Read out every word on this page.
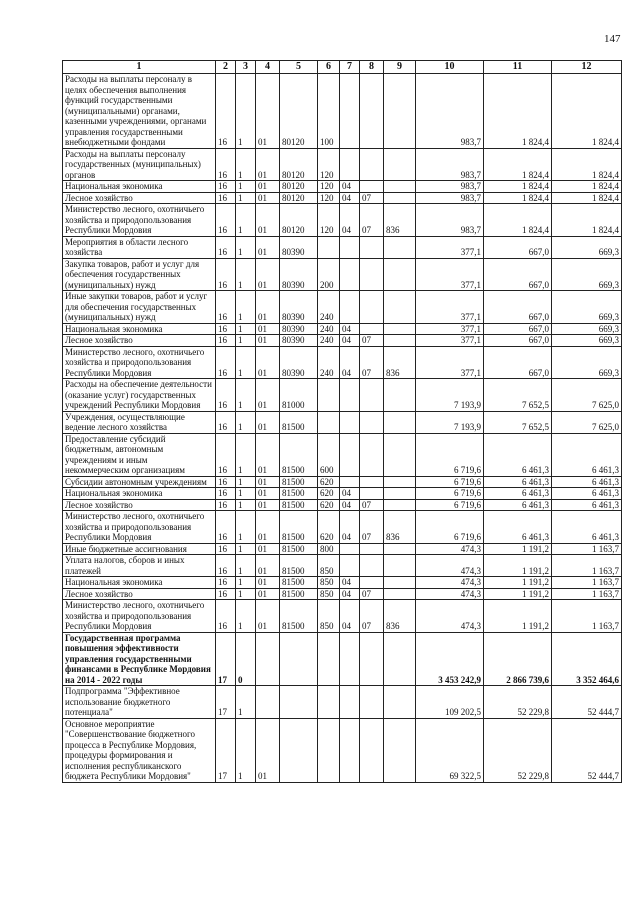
147
1	2	3	4	5	6	7	8	9	10	11	12
Расходы на выплаты персоналу в целях обеспечения выполнения функций государственными (муниципальными) органами, казенными учреждениями, органами управления государственными внебюджетными фондами	16	1	01	80120	100				983,7	1 824,4	1 824,4
Расходы на выплаты персоналу государственных (муниципальных) органов	16	1	01	80120	120				983,7	1 824,4	1 824,4
Национальная экономика	16	1	01	80120	120	04			983,7	1 824,4	1 824,4
Лесное хозяйство	16	1	01	80120	120	04	07		983,7	1 824,4	1 824,4
Министерство лесного, охотничьего хозяйства и природопользования Республики Мордовия	16	1	01	80120	120	04	07	836	983,7	1 824,4	1 824,4
Мероприятия в области лесного хозяйства	16	1	01	80390					377,1	667,0	669,3
Закупка товаров, работ и услуг для обеспечения государственных (муниципальных) нужд	16	1	01	80390	200				377,1	667,0	669,3
Иные закупки товаров, работ и услуг для обеспечения государственных (муниципальных) нужд	16	1	01	80390	240				377,1	667,0	669,3
Национальная экономика	16	1	01	80390	240	04			377,1	667,0	669,3
Лесное хозяйство	16	1	01	80390	240	04	07		377,1	667,0	669,3
Министерство лесного, охотничьего хозяйства и природопользования Республики Мордовия	16	1	01	80390	240	04	07	836	377,1	667,0	669,3
Расходы на обеспечение деятельности (оказание услуг) государственных учреждений Республики Мордовия	16	1	01	81000					7 193,9	7 652,5	7 625,0
Учреждения, осуществляющие ведение лесного хозяйства	16	1	01	81500					7 193,9	7 652,5	7 625,0
Предоставление субсидий бюджетным, автономным учреждениям и иным некоммерческим организациям	16	1	01	81500	600				6 719,6	6 461,3	6 461,3
Субсидии автономным учреждениям	16	1	01	81500	620				6 719,6	6 461,3	6 461,3
Национальная экономика	16	1	01	81500	620	04			6 719,6	6 461,3	6 461,3
Лесное хозяйство	16	1	01	81500	620	04	07		6 719,6	6 461,3	6 461,3
Министерство лесного, охотничьего хозяйства и природопользования Республики Мордовия	16	1	01	81500	620	04	07	836	6 719,6	6 461,3	6 461,3
Иные бюджетные ассигнования	16	1	01	81500	800				474,3	1 191,2	1 163,7
Уплата налогов, сборов и иных платежей	16	1	01	81500	850				474,3	1 191,2	1 163,7
Национальная экономика	16	1	01	81500	850	04			474,3	1 191,2	1 163,7
Лесное хозяйство	16	1	01	81500	850	04	07		474,3	1 191,2	1 163,7
Министерство лесного, охотничьего хозяйства и природопользования Республики Мордовия	16	1	01	81500	850	04	07	836	474,3	1 191,2	1 163,7
Государственная программа повышения эффективности управления государственными финансами в Республике Мордовия на 2014 - 2022 годы	17	0							3 453 242,9	2 866 739,6	3 352 464,6
Подпрограмма "Эффективное использование бюджетного потенциала"	17	1							109 202,5	52 229,8	52 444,7
Основное мероприятие "Совершенствование бюджетного процесса в Республике Мордовия, процедуры формирования и исполнения республиканского бюджета Республики Мордовия"	17	1	01						69 322,5	52 229,8	52 444,7
